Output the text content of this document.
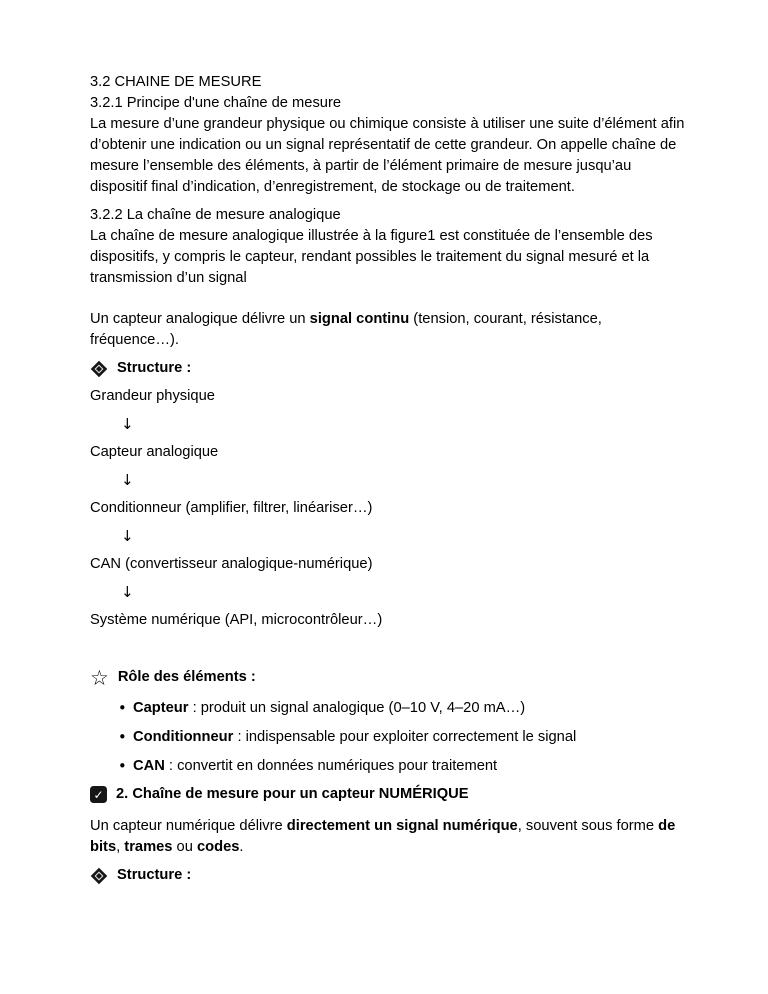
3.2 CHAINE DE MESURE
3.2.1 Principe d'une chaîne de mesure

La mesure d’une grandeur physique ou chimique consiste à utiliser une suite d’élément afin d’obtenir une indication ou un signal représentatif de cette grandeur. On appelle chaîne de mesure l’ensemble des éléments, à partir de l’élément primaire de mesure jusqu’au dispositif final d’indication, d’enregistrement, de stockage ou de traitement.

3.2.2 La chaîne de mesure analogique

La chaîne de mesure analogique illustrée à la figure1 est constituée de l’ensemble des dispositifs, y compris le capteur, rendant possibles le traitement du signal mesuré et la transmission d’un signal

Un capteur analogique délivre un signal continu (tension, courant, résistance, fréquence…).

Structure :

Grandeur physique

↓

Capteur analogique

↓

Conditionneur (amplifier, filtrer, linéariser…)

↓

CAN (convertisseur analogique-numérique)

↓

Système numérique (API, microcontrôleur…)

☆ Rôle des éléments :

• Capteur : produit un signal analogique (0–10 V, 4–20 mA…)
• Conditionneur : indispensable pour exploiter correctement le signal
• CAN : convertit en données numériques pour traitement

✓ 2. Chaîne de mesure pour un capteur NUMÉRIQUE

Un capteur numérique délivre directement un signal numérique, souvent sous forme de bits, trames ou codes.

Structure :
